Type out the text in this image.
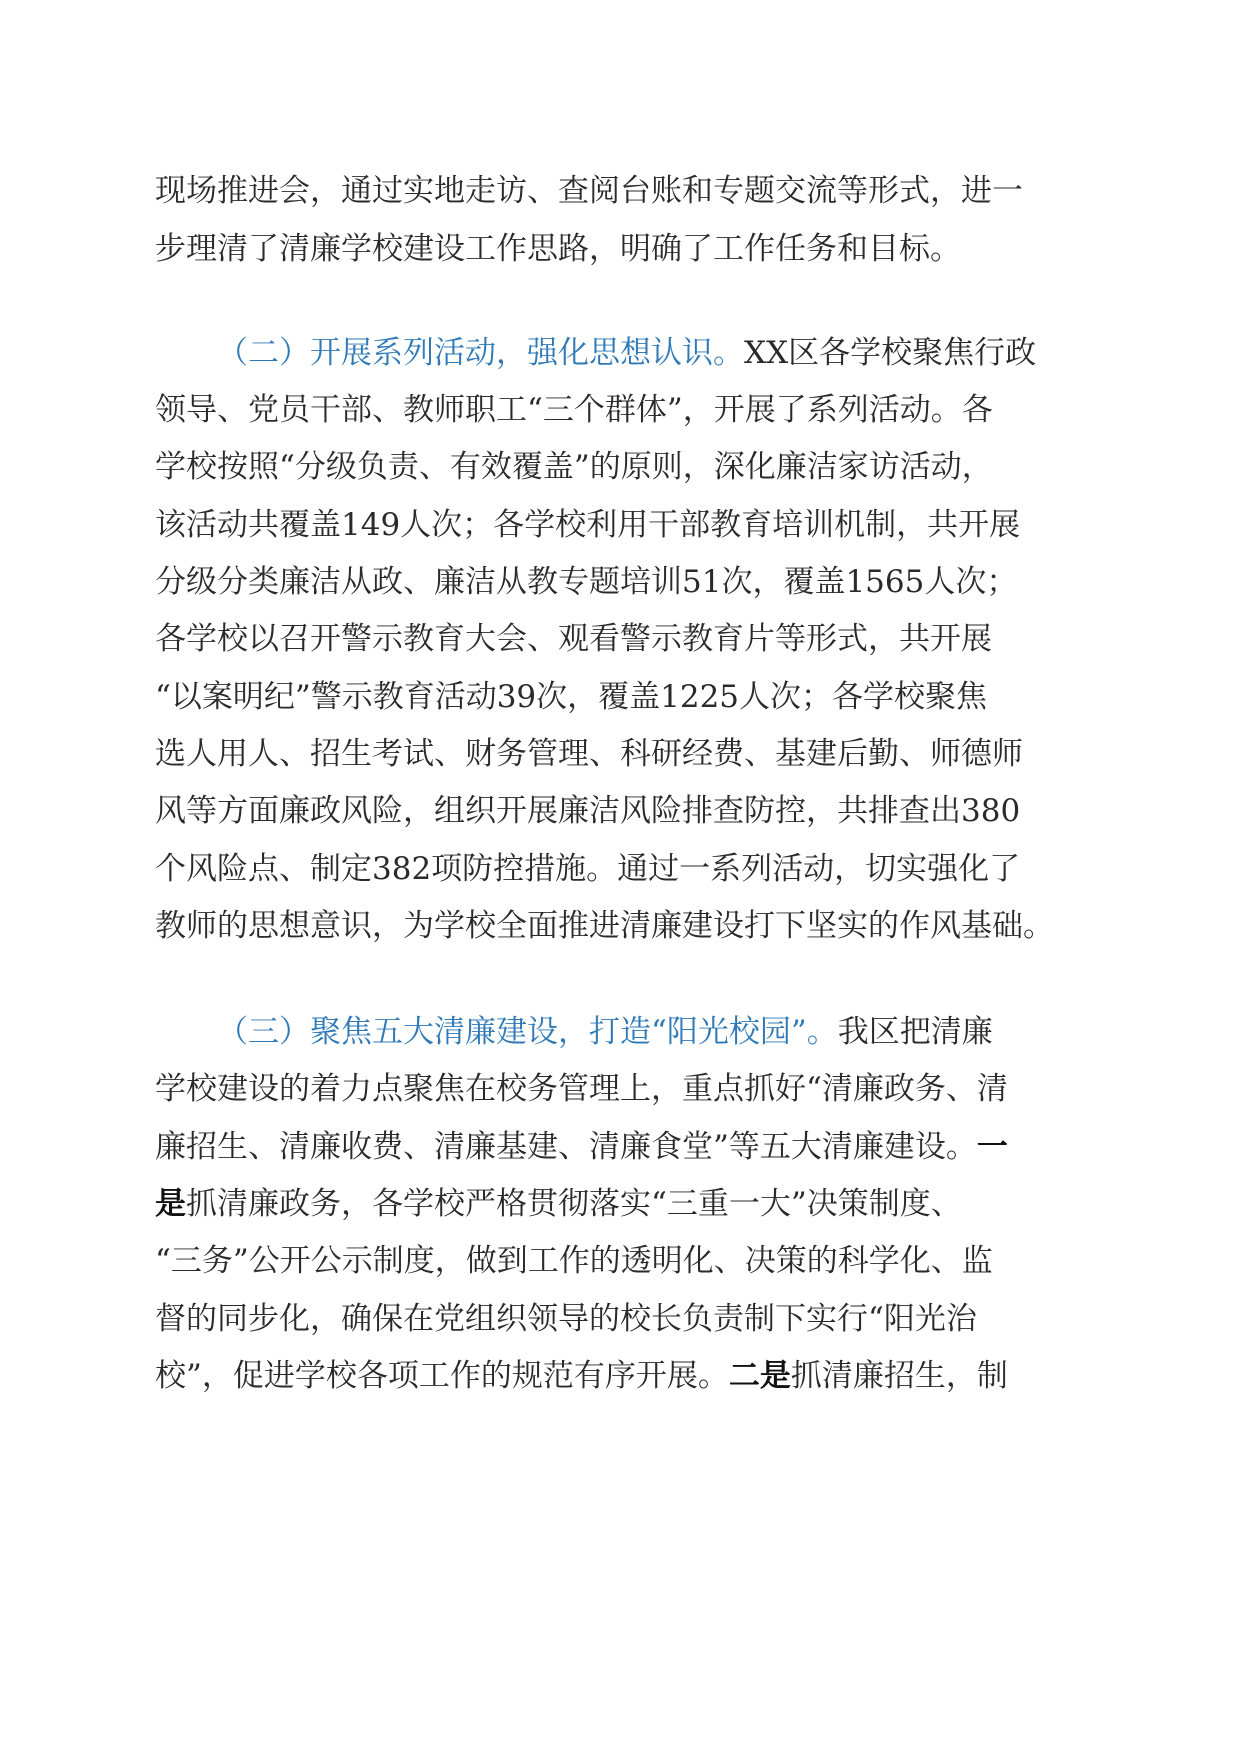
现场推进会，通过实地走访、查阅台账和专题交流等形式，进一
步理清了清廉学校建设工作思路，明确了工作任务和目标。
（二）开展系列活动，强化思想认识。XX区各学校聚焦行政
领导、党员干部、教师职工“三个群体”，开展了系列活动。各
学校按照“分级负责、有效覆盖”的原则，深化廉洁家访活动，
该活动共覆盖149人次；各学校利用干部教育培训机制，共开展
分级分类廉洁从政、廉洁从教专题培训51次，覆盖1565人次；
各学校以召开警示教育大会、观看警示教育片等形式，共开展
“以案明纪”警示教育活动39次，覆盖1225人次；各学校聚焦
选人用人、招生考试、财务管理、科研经费、基建后勤、师德师
风等方面廉政风险，组织开展廉洁风险排查防控，共排查出380
个风险点、制定382项防控措施。通过一系列活动，切实强化了
教师的思想意识，为学校全面推进清廉建设打下坚实的作风基础。
（三）聚焦五大清廉建设，打造“阳光校园”。我区把清廉
学校建设的着力点聚焦在校务管理上，重点抓好“清廉政务、清
廉招生、清廉收费、清廉基建、清廉食堂”等五大清廉建设。一
是抓清廉政务，各学校严格贯彻落实“三重一大”决策制度、
“三务”公开公示制度，做到工作的透明化、决策的科学化、监
督的同步化，确保在党组织领导的校长负责制下实行“阳光治
校”，促进学校各项工作的规范有序开展。二是抓清廉招生，制
